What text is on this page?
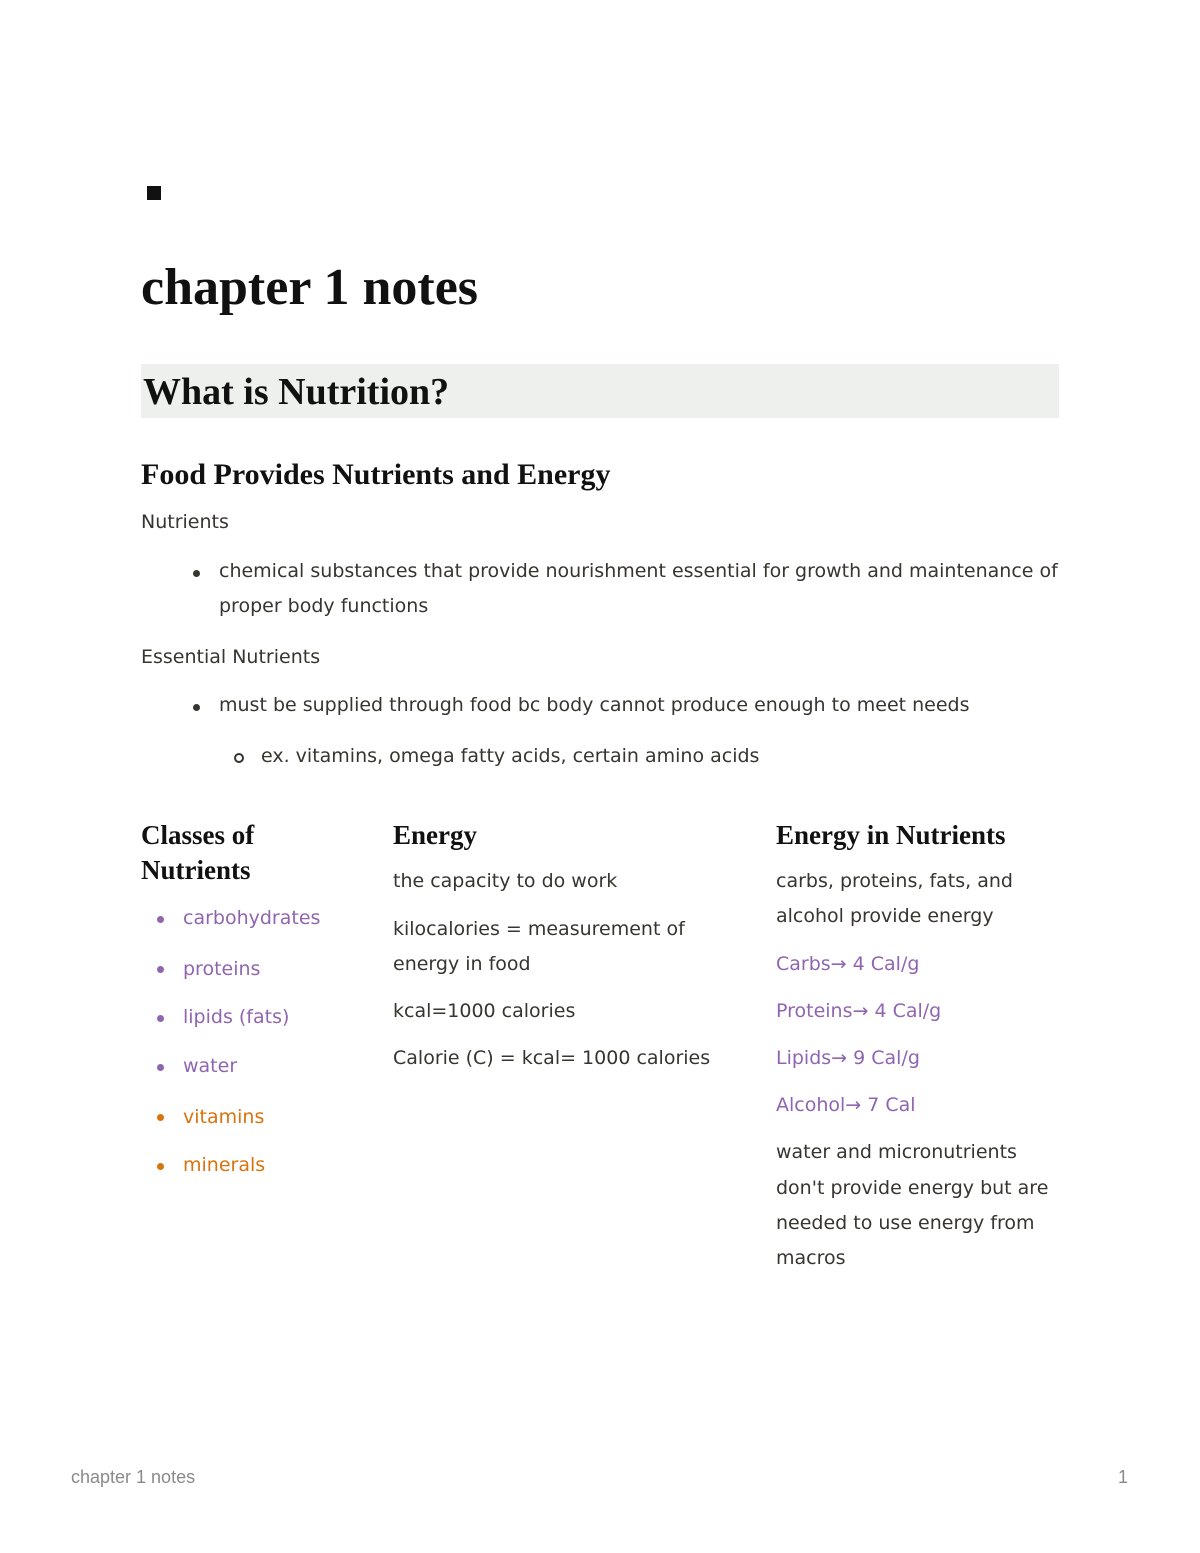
chapter 1 notes
What is Nutrition?
Food Provides Nutrients and Energy

Nutrients

chemical substances that provide nourishment essential for growth and maintenance of

proper body functions

Essential Nutrients

must be supplied through food bc body cannot produce enough to meet needs

ex. vitamins, omega fatty acids, certain amino acids

Classes of
Nutrients

carbohydrates

proteins

lipids (fats)

water

vitamins

minerals

Energy

the capacity to do work

kilocalories = measurement of

energy in food

kcal=1000 calories

Calorie (C) = kcal= 1000 calories

Energy in Nutrients

carbs, proteins, fats, and

alcohol provide energy

Carbs→ 4 Cal/g

Proteins→ 4 Cal/g

Lipids→ 9 Cal/g

Alcohol→ 7 Cal

water and micronutrients

don't provide energy but are

needed to use energy from

macros

chapter 1 notes	1
